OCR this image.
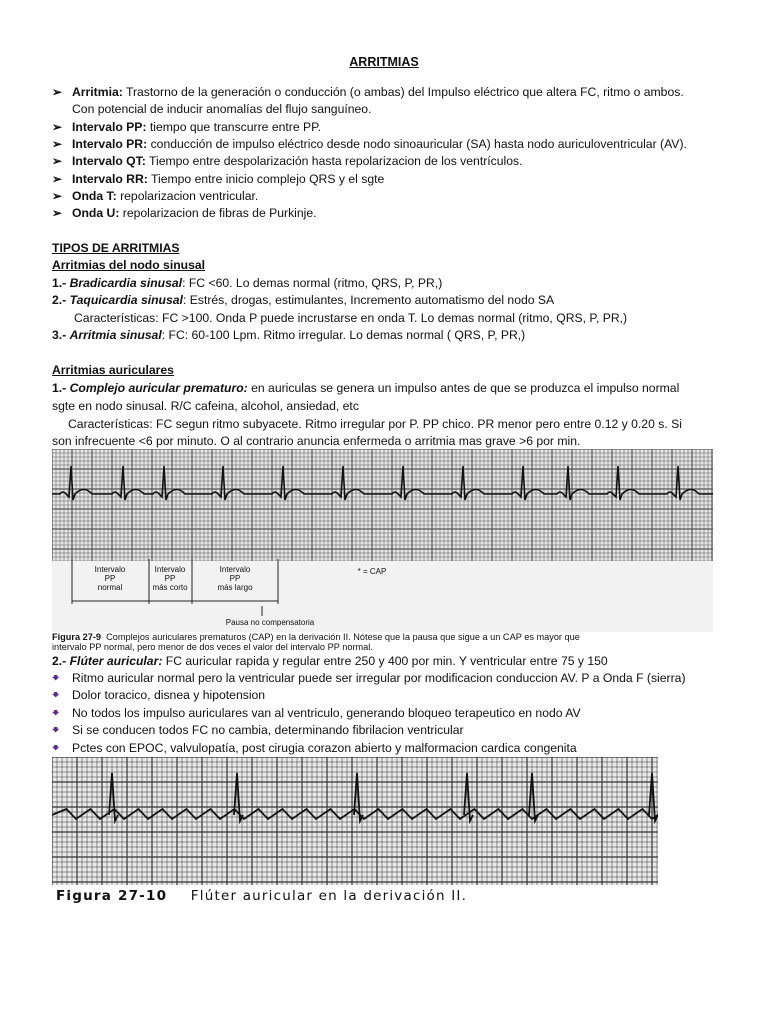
ARRITMIAS
➢ Arritmia: Trastorno de la generación o conducción (o ambas) del Impulso eléctrico que altera FC, ritmo o ambos.
Con potencial de inducir anomalías del flujo sanguíneo.
➢ Intervalo PP: tiempo que transcurre entre PP.
➢ Intervalo PR: conducción de impulso eléctrico desde nodo sinoauricular (SA) hasta nodo auriculoventricular (AV).
➢ Intervalo QT: Tiempo entre despolarización hasta repolarizacion de los ventrículos.
➢ Intervalo RR: Tiempo entre inicio complejo QRS y el sgte
➢ Onda T: repolarizacion ventricular.
➢ Onda U: repolarizacion de fibras de Purkinje.
TIPOS DE ARRITMIAS
Arritmias del nodo sinusal
1.- Bradicardia sinusal: FC <60. Lo demas normal (ritmo, QRS, P, PR,)
2.- Taquicardia sinusal: Estrés, drogas, estimulantes, Incremento automatismo del nodo SA
Características: FC >100. Onda P puede incrustarse en onda T. Lo demas normal (ritmo, QRS, P, PR,)
3.- Arritmia sinusal: FC: 60-100 Lpm. Ritmo irregular. Lo demas normal ( QRS, P, PR,)
Arritmias auriculares
1.- Complejo auricular prematuro: en auriculas se genera un impulso antes de que se produzca el impulso normal
sgte en nodo sinusal. R/C cafeina, alcohol, ansiedad, etc
Características: FC segun ritmo subyacete. Ritmo irregular por P. PP chico. PR menor pero entre 0.12 y 0.20 s. Si
son infrecuente <6 por minuto. O al contrario anuncia enfermeda o arritmia mas grave >6 por min.
Intervalo
PP
normal
Intervalo
PP
más corto
Intervalo
PP
más largo
* = CAP
Pausa no compensatoria
Figura 27-9 Complejos auriculares prematuros (CAP) en la derivación II. Nótese que la pausa que sigue a un CAP es mayor que
intervalo PP normal, pero menor de dos veces el valor del intervalo PP normal.
2.- Flúter auricular: FC auricular rapida y regular entre 250 y 400 por min. Y ventricular entre 75 y 150
🠻 Ritmo auricular normal pero la ventricular puede ser irregular por modificacion conduccion AV. P a Onda F (sierra)
🠻 Dolor toracico, disnea y hipotension
🠻 No todos los impulso auriculares van al ventriculo, generando bloqueo terapeutico en nodo AV
🠻 Si se conducen todos FC no cambia, determinando fibrilacion ventricular
🠻 Pctes con EPOC, valvulopatía, post cirugia corazon abierto y malformacion cardica congenita
Figura 27-10 Flúter auricular en la derivación II.
